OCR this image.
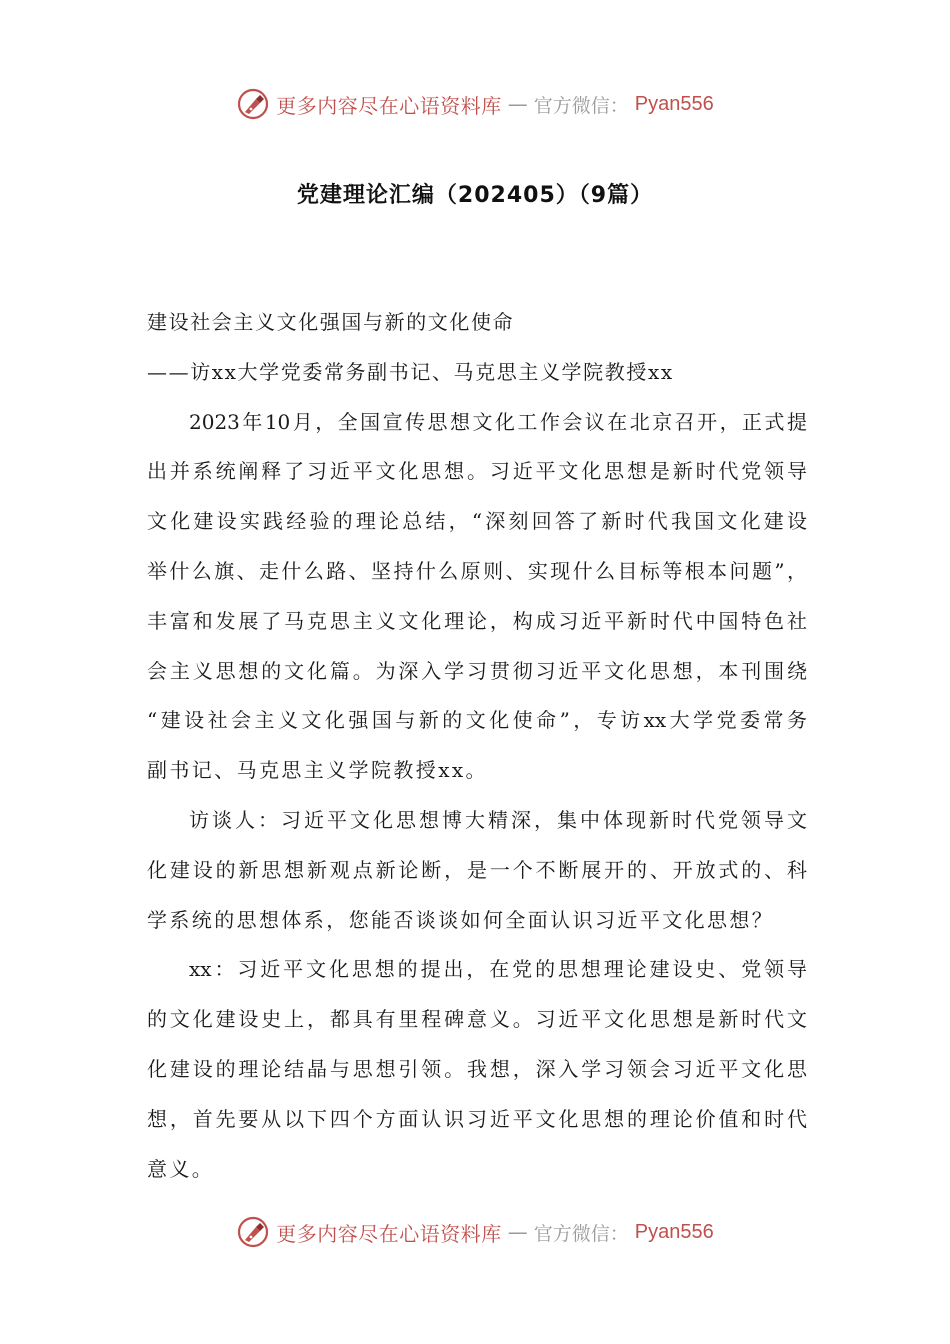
更多内容尽在心语资料库 — 官方微信： Pyan556
党建理论汇编（202405）（9篇）

建设社会主义文化强国与新的文化使命

——访xx大学党委常务副书记、马克思主义学院教授xx

2023年10月，全国宣传思想文化工作会议在北京召开，正式提

出并系统阐释了习近平文化思想。习近平文化思想是新时代党领导

文化建设实践经验的理论总结，“深刻回答了新时代我国文化建设

举什么旗、走什么路、坚持什么原则、实现什么目标等根本问题”，

丰富和发展了马克思主义文化理论，构成习近平新时代中国特色社

会主义思想的文化篇。为深入学习贯彻习近平文化思想，本刊围绕

“建设社会主义文化强国与新的文化使命”，专访xx大学党委常务

副书记、马克思主义学院教授xx。

访谈人：习近平文化思想博大精深，集中体现新时代党领导文

化建设的新思想新观点新论断，是一个不断展开的、开放式的、科

学系统的思想体系，您能否谈谈如何全面认识习近平文化思想？

xx：习近平文化思想的提出，在党的思想理论建设史、党领导

的文化建设史上，都具有里程碑意义。习近平文化思想是新时代文

化建设的理论结晶与思想引领。我想，深入学习领会习近平文化思

想，首先要从以下四个方面认识习近平文化思想的理论价值和时代

意义。

更多内容尽在心语资料库 — 官方微信： Pyan556
